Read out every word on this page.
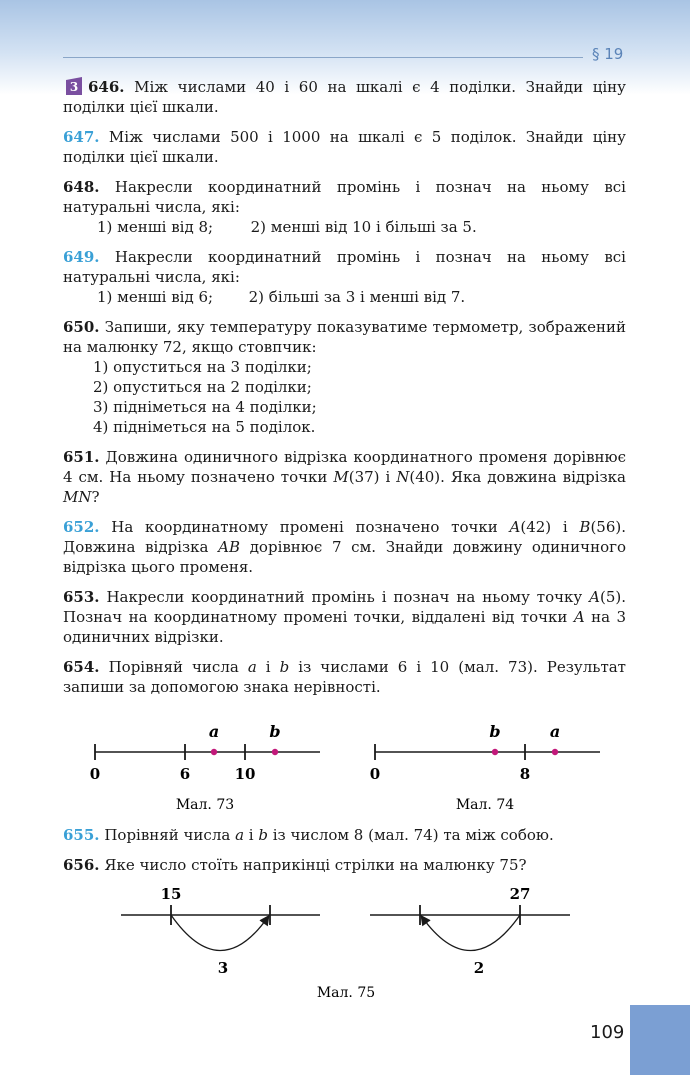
§ 19

3 646. Між числами 40 і 60 на шкалі є 4 поділки. Знайди ціну поділки цієї шкали.

647. Між числами 500 і 1000 на шкалі є 5 поділок. Знайди ціну поділки цієї шкали.

648. Накресли координатний промінь і познач на ньому всі натуральні числа, які:
1) менші від 8;	2) менші від 10 і більші за 5.
649. Накресли координатний промінь і познач на ньому всі натуральні числа, які:
1) менші від 6; 2) більші за 3 і менші від 7.
650. Запиши, яку температуру показуватиме термометр, зображений на малюнку 72, якщо стовпчик:
1) опуститься на 3 поділки;
2) опуститься на 2 поділки;
3) підніметься на 4 поділки;
4) підніметься на 5 поділок.

651. Довжина одиничного відрізка координатного променя дорівнює 4 см. На ньому позначено точки M(37) і N(40). Яка довжина відрізка MN?

652. На координатному промені позначено точки A(42) і B(56). Довжина відрізка AB дорівнює 7 см. Знайди довжину одиничного відрізка цього променя.

653. Накресли координатний промінь і познач на ньому точку A(5). Познач на координатному промені точки, віддалені від точки A на 3 одиничних відрізки.

654. Порівняй числа a і b із числами 6 і 10 (мал. 73). Результат запиши за допомогою знака нерівності.

a	b
0	6	10
Мал. 73
b	a
0	8
Мал. 74

655. Порівняй числа a і b із числом 8 (мал. 74) та між собою.

656. Яке число стоїть наприкінці стрілки на малюнку 75?

15
3
27
2
Мал. 75
109
